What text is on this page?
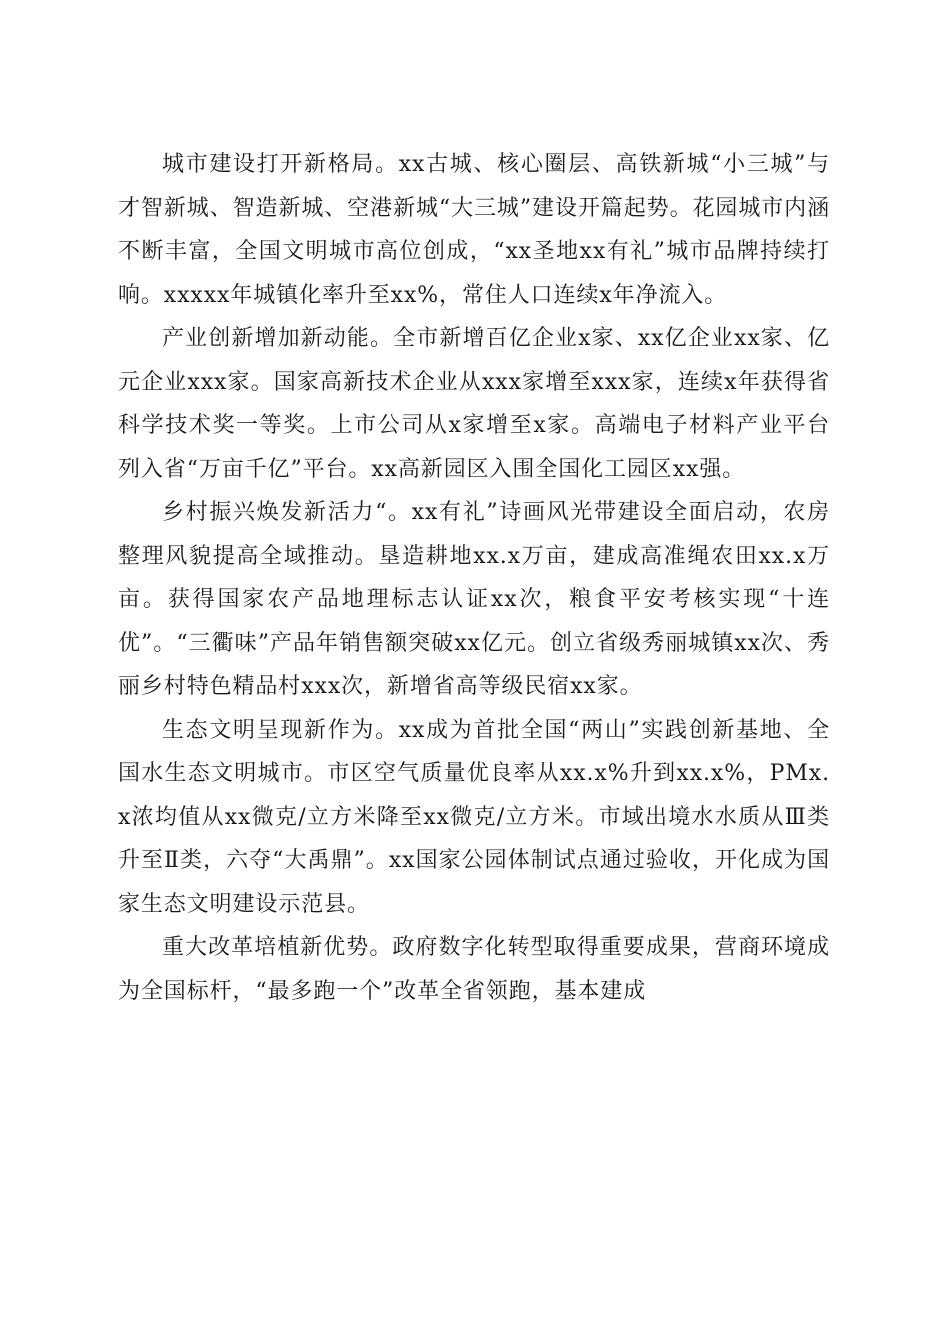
城市建设打开新格局。xx古城、核心圈层、高铁新城“小三城”与才智新城、智造新城、空港新城“大三城”建设开篇起势。花园城市内涵不断丰富，全国文明城市高位创成，“xx圣地xx有礼”城市品牌持续打响。xxxxx年城镇化率升至xx%，常住人口连续x年净流入。

产业创新增加新动能。全市新增百亿企业x家、xx亿企业xx家、亿元企业xxx家。国家高新技术企业从xxx家增至xxx家，连续x年获得省科学技术奖一等奖。上市公司从x家增至x家。高端电子材料产业平台列入省“万亩千亿”平台。xx高新园区入围全国化工园区xx强。

乡村振兴焕发新活力“。xx有礼”诗画风光带建设全面启动，农房整理风貌提高全域推动。垦造耕地xx.x万亩，建成高准绳农田xx.x万亩。获得国家农产品地理标志认证xx次，粮食平安考核实现“十连优”。“三衢味”产品年销售额突破xx亿元。创立省级秀丽城镇xx次、秀丽乡村特色精品村xxx次，新增省高等级民宿xx家。

生态文明呈现新作为。xx成为首批全国“两山”实践创新基地、全国水生态文明城市。市区空气质量优良率从xx.x%升到xx.x%，PMx.x浓均值从xx微克/立方米降至xx微克/立方米。市域出境水水质从Ⅲ类升至Ⅱ类，六夺“大禹鼎”。xx国家公园体制试点通过验收，开化成为国家生态文明建设示范县。

重大改革培植新优势。政府数字化转型取得重要成果，营商环境成为全国标杆，“最多跑一个”改革全省领跑，基本建成
